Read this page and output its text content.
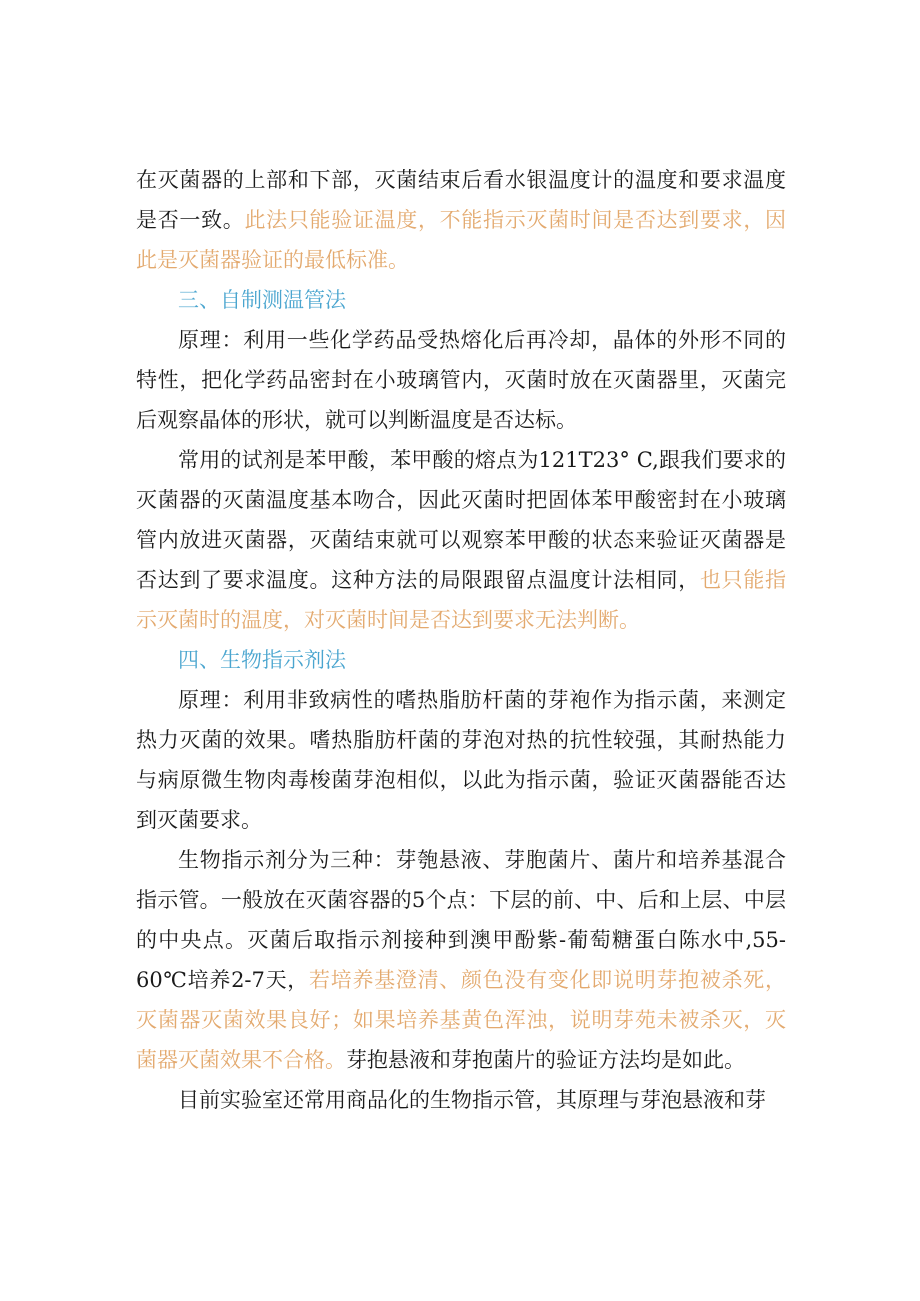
在灭菌器的上部和下部，灭菌结束后看水银温度计的温度和要求温度是否一致。此法只能验证温度，不能指示灭菌时间是否达到要求，因此是灭菌器验证的最低标准。

三、自制测温管法

原理：利用一些化学药品受热熔化后再冷却，晶体的外形不同的特性，把化学药品密封在小玻璃管内，灭菌时放在灭菌器里，灭菌完后观察晶体的形状，就可以判断温度是否达标。

常用的试剂是苯甲酸，苯甲酸的熔点为121T23° C,跟我们要求的灭菌器的灭菌温度基本吻合，因此灭菌时把固体苯甲酸密封在小玻璃管内放进灭菌器，灭菌结束就可以观察苯甲酸的状态来验证灭菌器是否达到了要求温度。这种方法的局限跟留点温度计法相同，也只能指示灭菌时的温度，对灭菌时间是否达到要求无法判断。

四、生物指示剂法

原理：利用非致病性的嗜热脂肪杆菌的芽袍作为指示菌，来测定热力灭菌的效果。嗜热脂肪杆菌的芽泡对热的抗性较强，其耐热能力与病原微生物肉毒梭菌芽泡相似，以此为指示菌，验证灭菌器能否达到灭菌要求。

生物指示剂分为三种：芽匏悬液、芽胞菌片、菌片和培养基混合指示管。一般放在灭菌容器的5个点：下层的前、中、后和上层、中层的中央点。灭菌后取指示剂接种到澳甲酚紫-葡萄糖蛋白陈水中,55-60℃培养2-7天，若培养基澄清、颜色没有变化即说明芽抱被杀死，灭菌器灭菌效果良好；如果培养基黄色浑浊，说明芽苑未被杀灭，灭菌器灭菌效果不合格。芽抱悬液和芽抱菌片的验证方法均是如此。

目前实验室还常用商品化的生物指示管，其原理与芽泡悬液和芽
